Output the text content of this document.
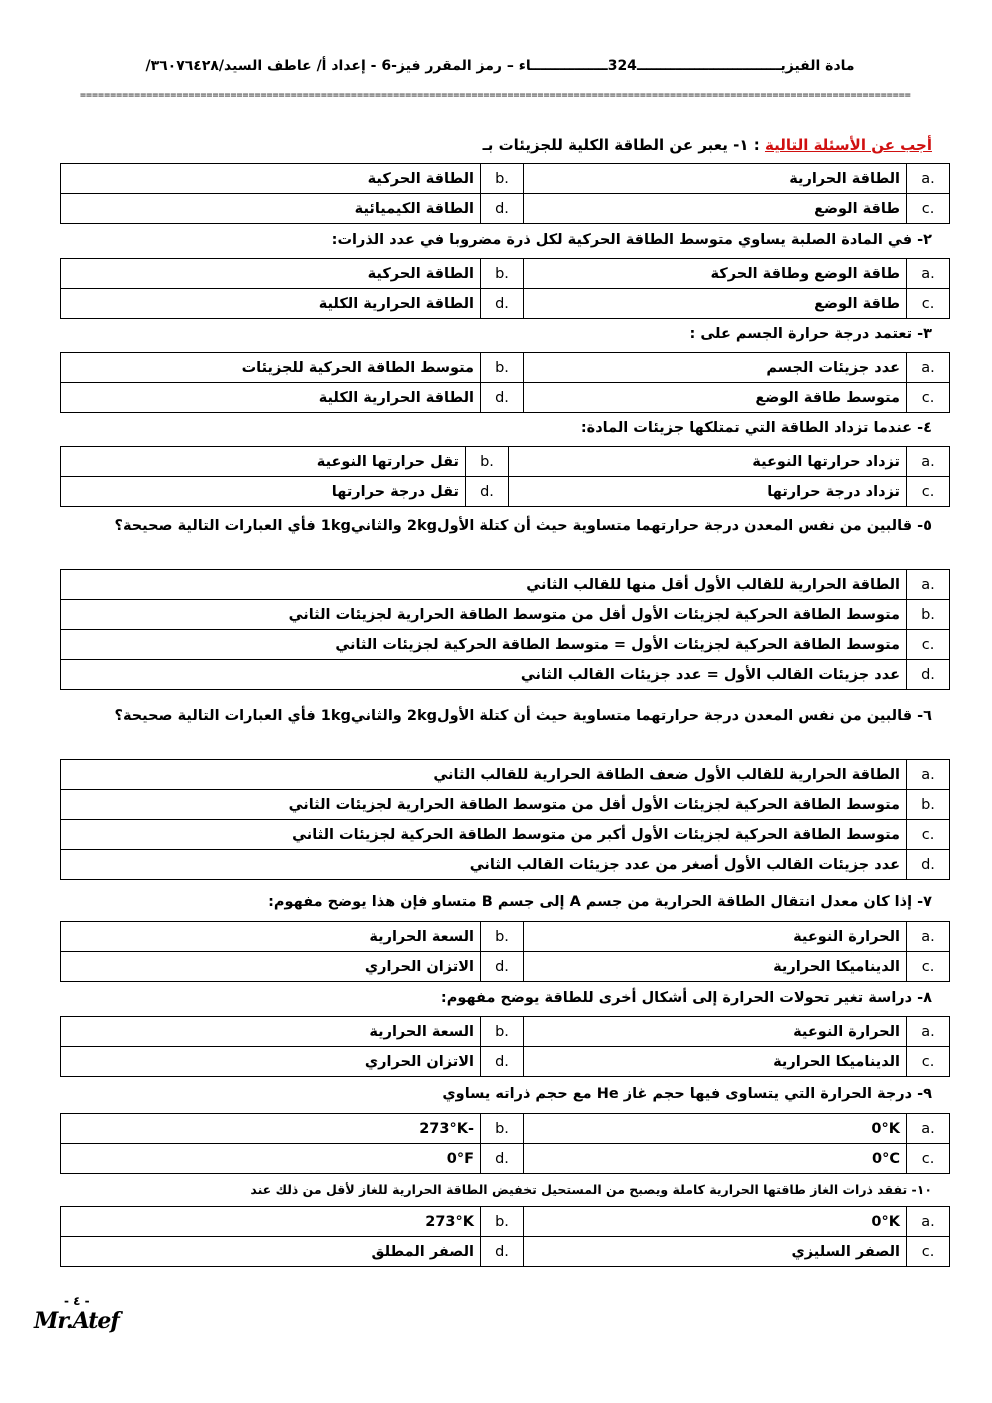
مادة الفيزيــــــــــــــــــــــــــــــ324ــــــــــــــــاء – رمز المقرر فيز-6 - إعداد أ/ عاطف السيد/٣٦٠٧٦٤٢٨/
==========================================================================================================================================
أجب عن الأسئلة التالية : ١- يعبر عن الطاقة الكلية للجزيئات بـ
.a	الطاقة الحرارية	.b	الطاقة الحركية
.c	طاقة الوضع	.d	الطاقة الكيميائية
٢- في المادة الصلبة يساوي متوسط الطاقة الحركية لكل ذرة مضروبا في عدد الذرات:
.a	طاقة الوضع وطاقة الحركة	.b	الطاقة الحركية
.c	طاقة الوضع	.d	الطاقة الحرارية الكلية
٣- تعتمد درجة حرارة الجسم على :
.a	عدد جزيئات الجسم	.b	متوسط الطاقة الحركية للجزيئات
.c	متوسط طاقة الوضع	.d	الطاقة الحرارية الكلية
٤- عندما تزداد الطاقة التي تمتلكها جزيئات المادة:
.a	تزداد حرارتها النوعية	.b	تقل حرارتها النوعية
.c	تزداد درجة حرارتها	.d	تقل درجة حرارتها
٥- قالبين من نفس المعدن درجة حرارتهما متساوية حيث أن كتلة الأول2kg والثاني1kg فأي العبارات التالية صحيحة؟
.a	الطاقة الحرارية للقالب الأول أقل منها للقالب الثاني
.b	متوسط الطاقة الحركية لجزيئات الأول أقل من متوسط الطاقة الحرارية لجزيئات الثاني
.c	متوسط الطاقة الحركية لجزيئات الأول = متوسط الطاقة الحركية لجزيئات الثاني
.d	عدد جزيئات القالب الأول = عدد جزيئات القالب الثاني
٦- قالبين من نفس المعدن درجة حرارتهما متساوية حيث أن كتلة الأول2kg والثاني1kg فأي العبارات التالية صحيحة؟
.a	الطاقة الحرارية للقالب الأول ضعف الطاقة الحرارية للقالب الثاني
.b	متوسط الطاقة الحركية لجزيئات الأول أقل من متوسط الطاقة الحرارية لجزيئات الثاني
.c	متوسط الطاقة الحركية لجزيئات الأول أكبر من متوسط الطاقة الحركية لجزيئات الثاني
.d	عدد جزيئات القالب الأول أصغر من عدد جزيئات القالب الثاني
٧- إذا كان معدل انتقال الطاقة الحرارية من جسم A إلى جسم B متساو فإن هذا يوضح مفهوم:
.a	الحرارة النوعية	.b	السعة الحرارية
.c	الديناميكا الحرارية	.d	الاتزان الحراري
٨- دراسة تغير تحولات الحرارة إلى أشكال أخرى للطاقة يوضح مفهوم:
.a	الحرارة النوعية	.b	السعة الحرارية
.c	الديناميكا الحرارية	.d	الاتزان الحراري
٩- درجة الحرارة التي يتساوى فيها حجم غاز He مع حجم ذراته يساوي
.a	0°K	.b	-273°K
.c	0°C	.d	0°F
١٠- تفقد ذرات الغاز طاقتها الحرارية كاملة ويصبح من المستحيل تخفيض الطاقة الحرارية للغاز لأقل من ذلك عند
.a	0°K	.b	273°K
.c	الصفر السليزي	.d	الصفر المطلق
- ٤ -
Mr.Atef
